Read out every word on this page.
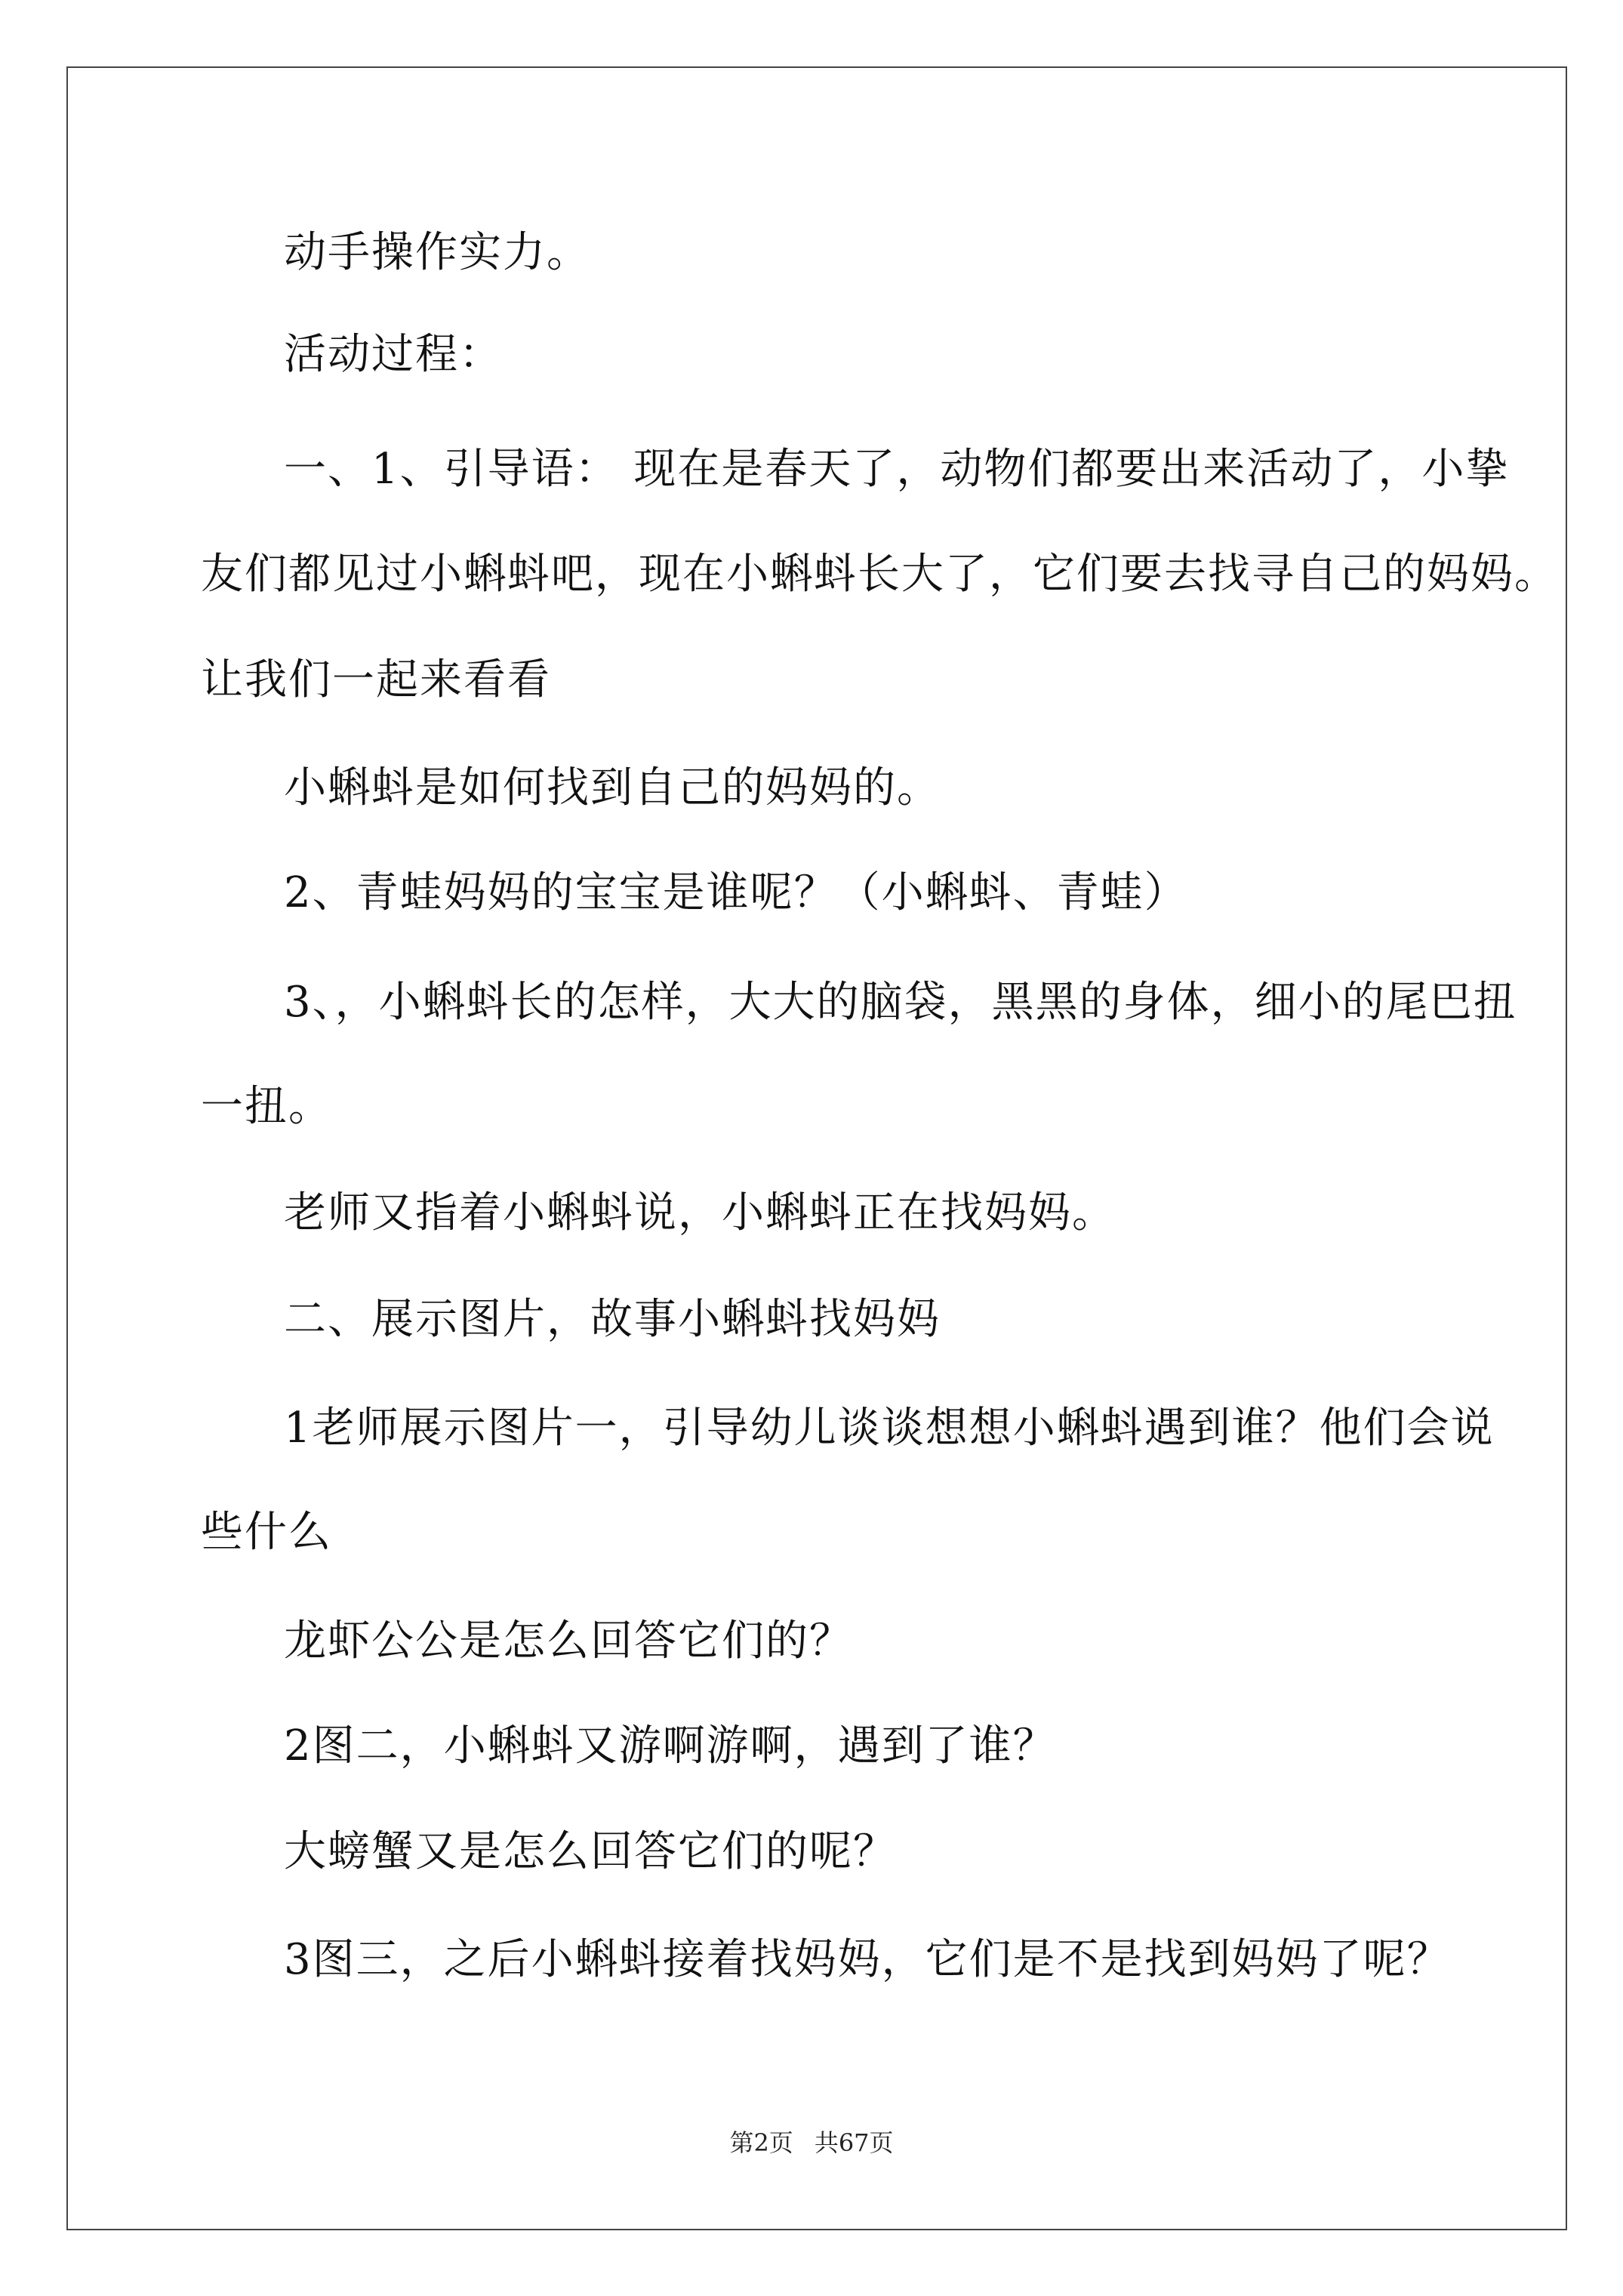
动手操作实力。
活动过程：
一、1、引导语： 现在是春天了，动物们都要出来活动了，小挚
友们都见过小蝌蚪吧，现在小蝌蚪长大了，它们要去找寻自己的妈妈。
让我们一起来看看
小蝌蚪是如何找到自己的妈妈的。
2、青蛙妈妈的宝宝是谁呢？（小蝌蚪、青蛙）
3、，小蝌蚪长的怎样，大大的脑袋，黑黑的身体，细小的尾巴扭
一扭。
老师又指着小蝌蚪说，小蝌蚪正在找妈妈。
二、展示图片，故事小蝌蚪找妈妈
1老师展示图片一，引导幼儿谈谈想想小蝌蚪遇到谁？他们会说
些什么
龙虾公公是怎么回答它们的？
2图二，小蝌蚪又游啊游啊，遇到了谁？
大螃蟹又是怎么回答它们的呢？
3图三，之后小蝌蚪接着找妈妈，它们是不是找到妈妈了呢？
第2页 共67页
